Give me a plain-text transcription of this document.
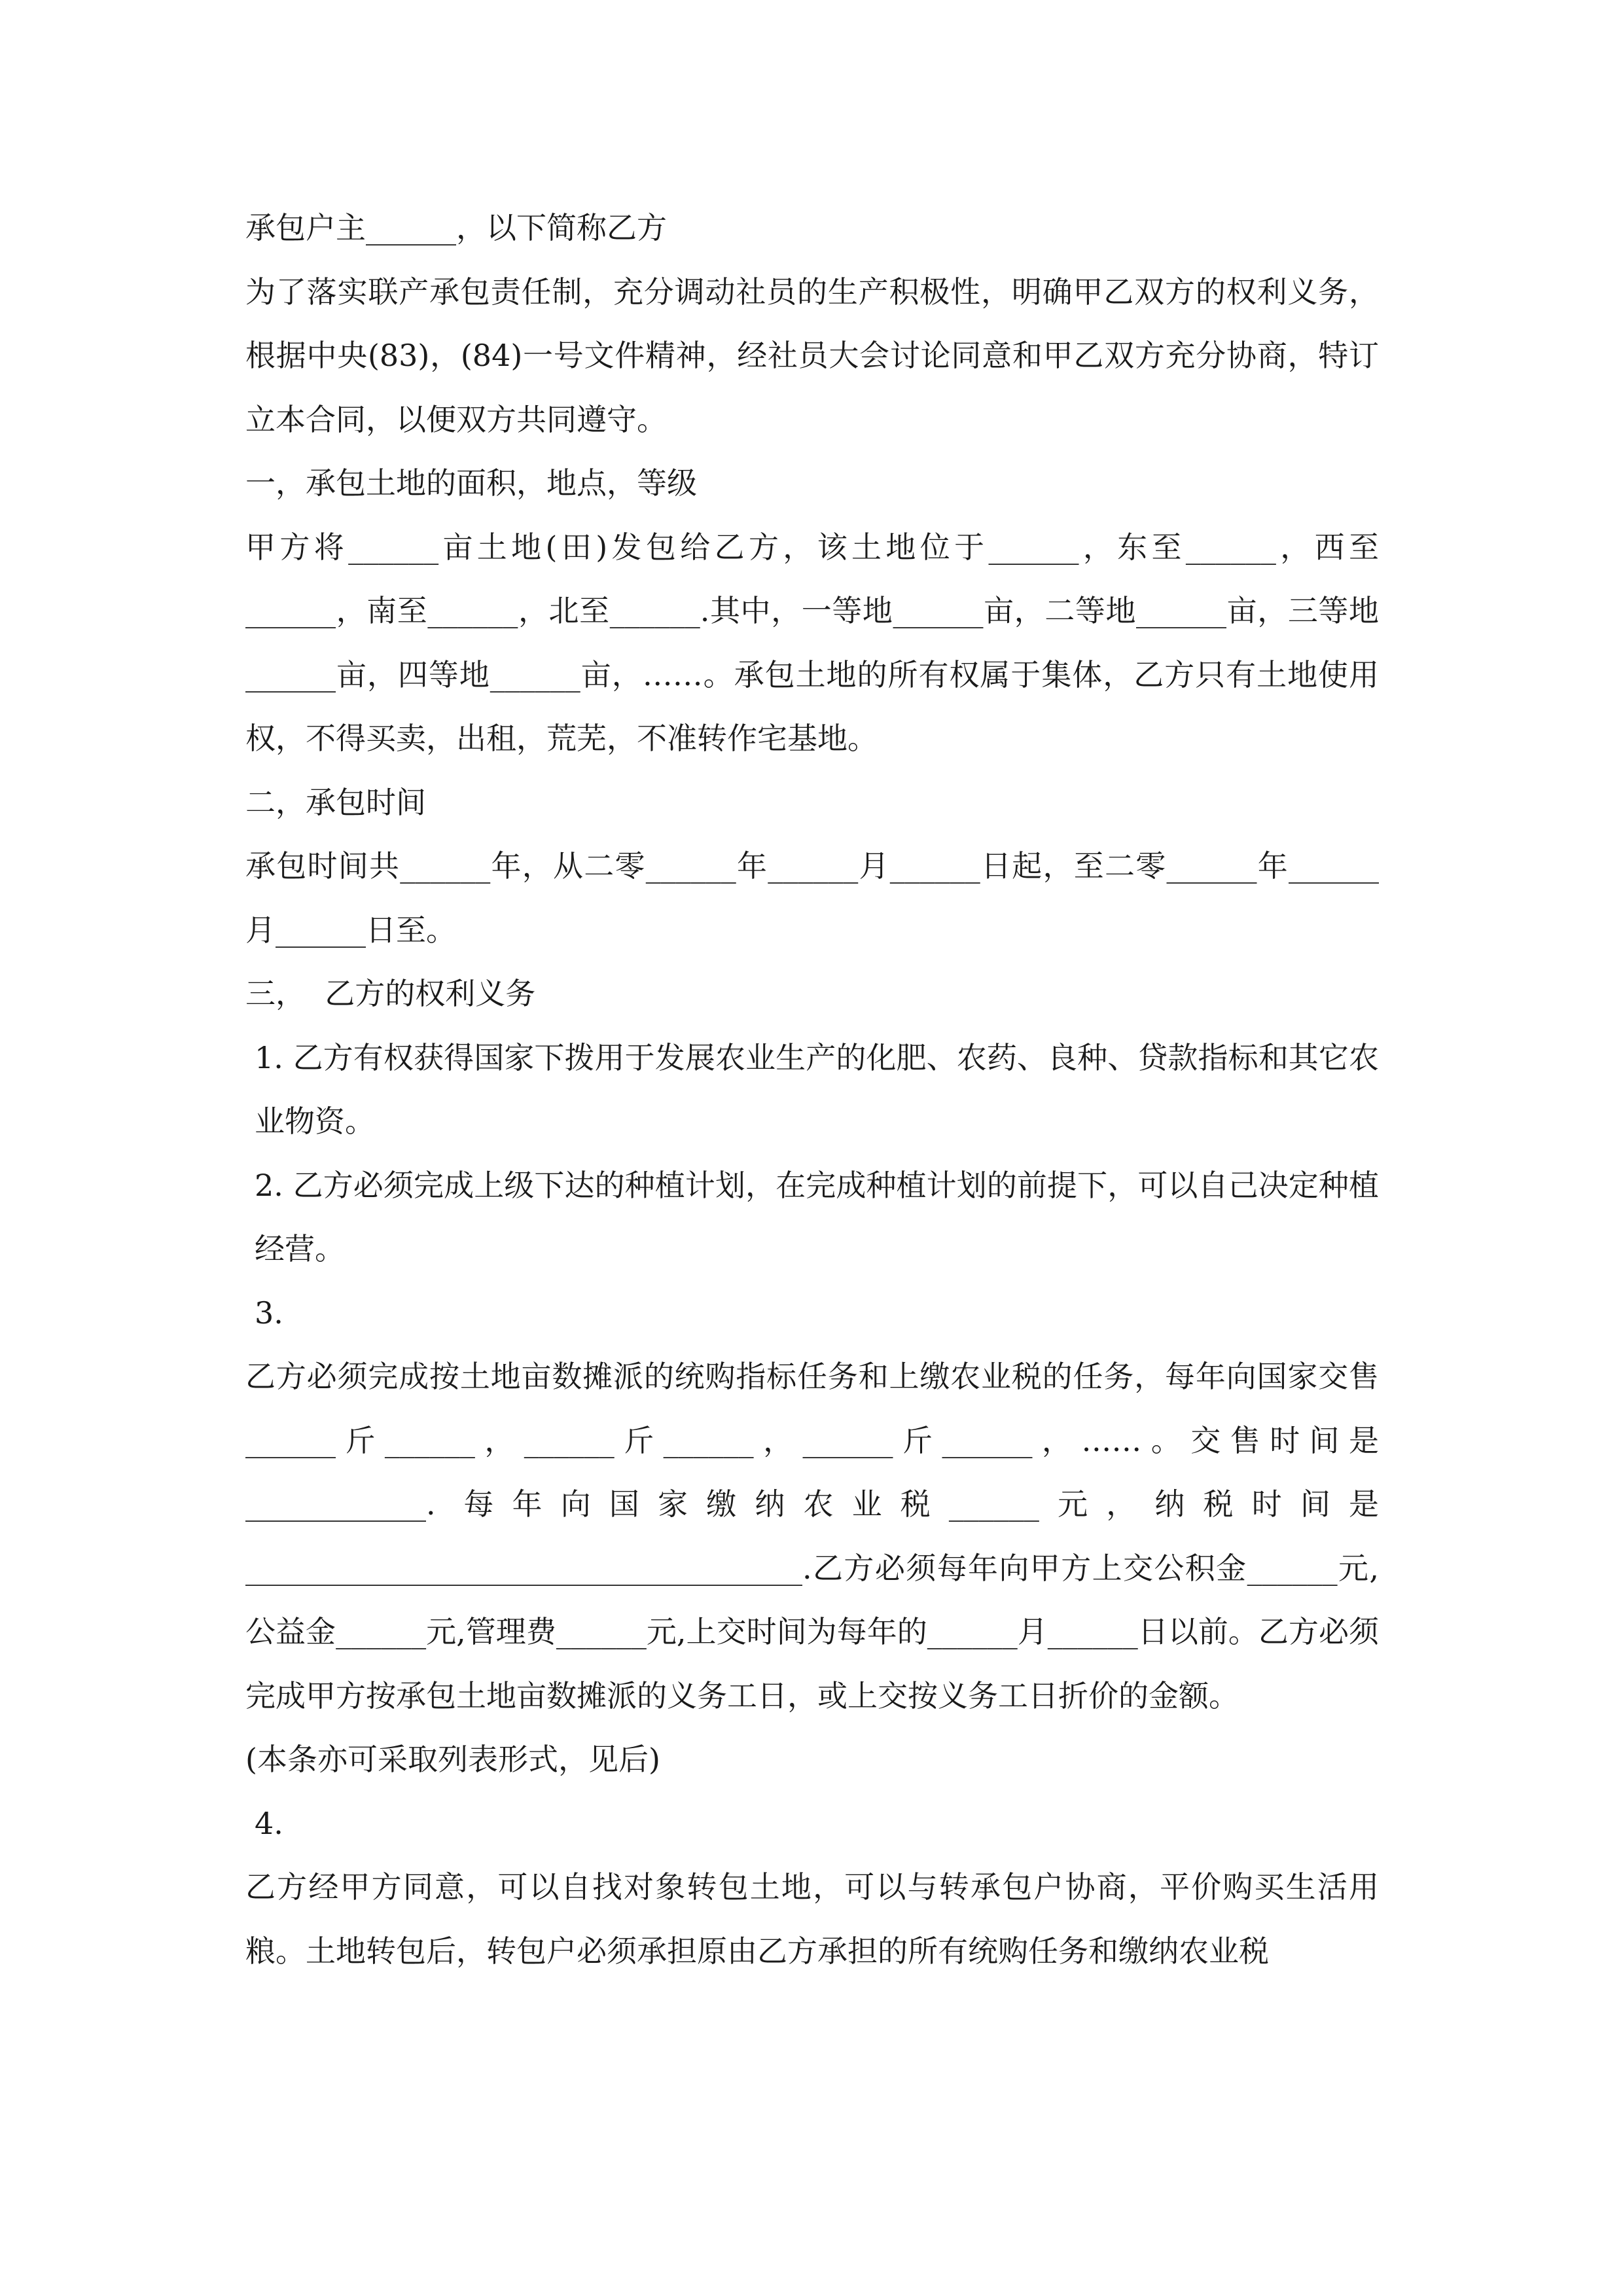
承包户主______，以下简称乙方

为了落实联产承包责任制，充分调动社员的生产积极性，明确甲乙双方的权利义务，根据中央(83)，(84)一号文件精神，经社员大会讨论同意和甲乙双方充分协商，特订立本合同，以便双方共同遵守。

一，承包土地的面积，地点，等级

甲方将______亩土地(田)发包给乙方，该土地位于______，东至______，西至______，南至______，北至______.其中，一等地______亩，二等地______亩，三等地______亩，四等地______亩，……。承包土地的所有权属于集体，乙方只有土地使用权，不得买卖，出租，荒芜，不准转作宅基地。

二，承包时间

承包时间共______年，从二零______年______月______日起，至二零______年______月______日至。

三，  乙方的权利义务

1. 乙方有权获得国家下拨用于发展农业生产的化肥、农药、良种、贷款指标和其它农业物资。

2. 乙方必须完成上级下达的种植计划，在完成种植计划的前提下，可以自己决定种植经营。

3.

乙方必须完成按土地亩数摊派的统购指标任务和上缴农业税的任务，每年向国家交售______斤______，______斤______，______斤______，……。交售时间是____________. 每年向国家缴纳农业税______元，纳税时间是_____________________________________.乙方必须每年向甲方上交公积金______元,公益金______元,管理费______元,上交时间为每年的______月______日以前。乙方必须完成甲方按承包土地亩数摊派的义务工日，或上交按义务工日折价的金额。

(本条亦可采取列表形式，见后)

4.

乙方经甲方同意，可以自找对象转包土地，可以与转承包户协商，平价购买生活用粮。土地转包后，转包户必须承担原由乙方承担的所有统购任务和缴纳农业税
